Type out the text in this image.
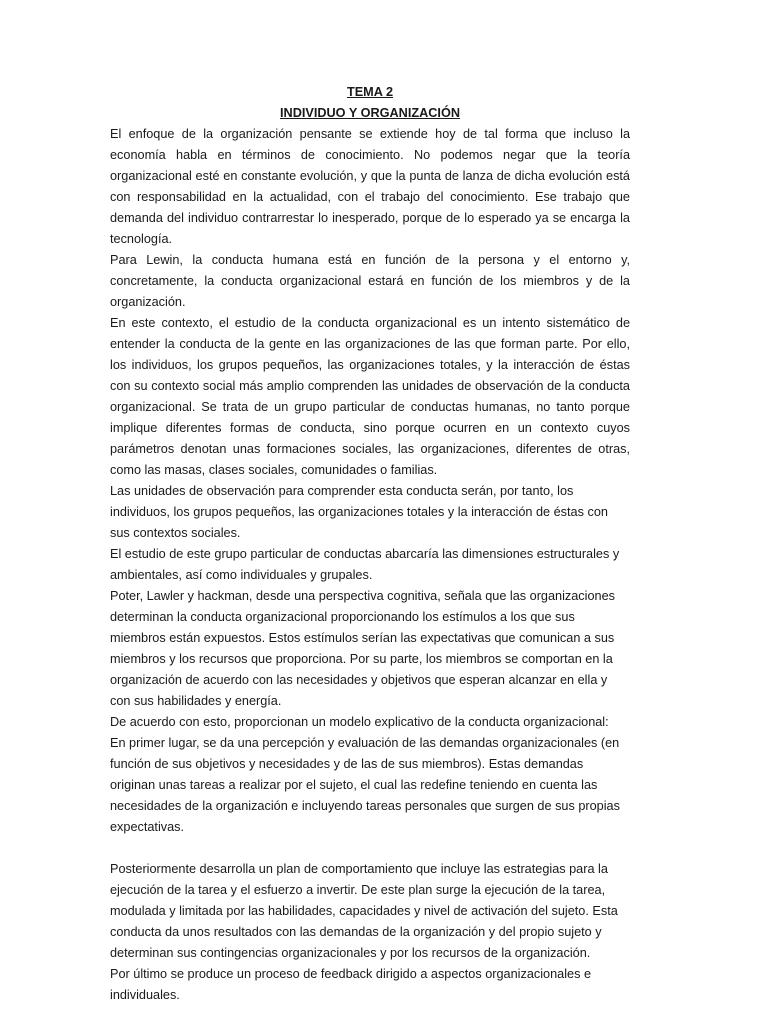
TEMA 2

INDIVIDUO Y ORGANIZACIÓN

El enfoque de la organización pensante se extiende hoy de tal forma que incluso la economía habla en términos de conocimiento. No podemos negar que la teoría organizacional esté en constante evolución, y que la punta de lanza de dicha evolución está con responsabilidad en la actualidad, con el trabajo del conocimiento. Ese trabajo que demanda del individuo contrarrestar lo inesperado, porque de lo esperado ya se encarga la tecnología.

Para Lewin, la conducta humana está en función de la persona y el entorno y, concretamente, la conducta organizacional estará en función de los miembros y de la organización.

En este contexto, el estudio de la conducta organizacional es un intento sistemático de entender la conducta de la gente en las organizaciones de las que forman parte. Por ello, los individuos, los grupos pequeños, las organizaciones totales, y la interacción de éstas con su contexto social más amplio comprenden las unidades de observación de la conducta organizacional. Se trata de un grupo particular de conductas humanas, no tanto porque implique diferentes formas de conducta, sino porque ocurren en un contexto cuyos parámetros denotan unas formaciones sociales, las organizaciones, diferentes de otras, como las masas, clases sociales, comunidades o familias.

Las unidades de observación para comprender esta conducta serán, por tanto, los individuos, los grupos pequeños, las organizaciones totales y la interacción de éstas con sus contextos sociales.

El estudio de este grupo particular de conductas abarcaría las dimensiones estructurales y ambientales, así como individuales y grupales.

Poter, Lawler y hackman, desde una perspectiva cognitiva, señala que las organizaciones determinan la conducta organizacional proporcionando los estímulos a los que sus miembros están expuestos. Estos estímulos serían las expectativas que comunican a sus miembros y los recursos que proporciona. Por su parte, los miembros se comportan en la organización de acuerdo con las necesidades y objetivos que esperan alcanzar en ella y con sus habilidades y energía.

De acuerdo con esto, proporcionan un modelo explicativo de la conducta organizacional:

En primer lugar, se da una percepción y evaluación de las demandas organizacionales (en función de sus objetivos y necesidades y de las de sus miembros). Estas demandas originan unas tareas a realizar por el sujeto, el cual las redefine teniendo en cuenta las necesidades de la organización e incluyendo tareas personales que surgen de sus propias expectativas.

Posteriormente desarrolla un plan de comportamiento que incluye las estrategias para la ejecución de la tarea y el esfuerzo a invertir. De este plan surge la ejecución de la tarea, modulada y limitada por las habilidades, capacidades y nivel de activación del sujeto. Esta conducta da unos resultados con las demandas de la organización y del propio sujeto y determinan sus contingencias organizacionales y por los recursos de la organización.

Por último se produce un proceso de feedback dirigido a aspectos organizacionales e individuales.
